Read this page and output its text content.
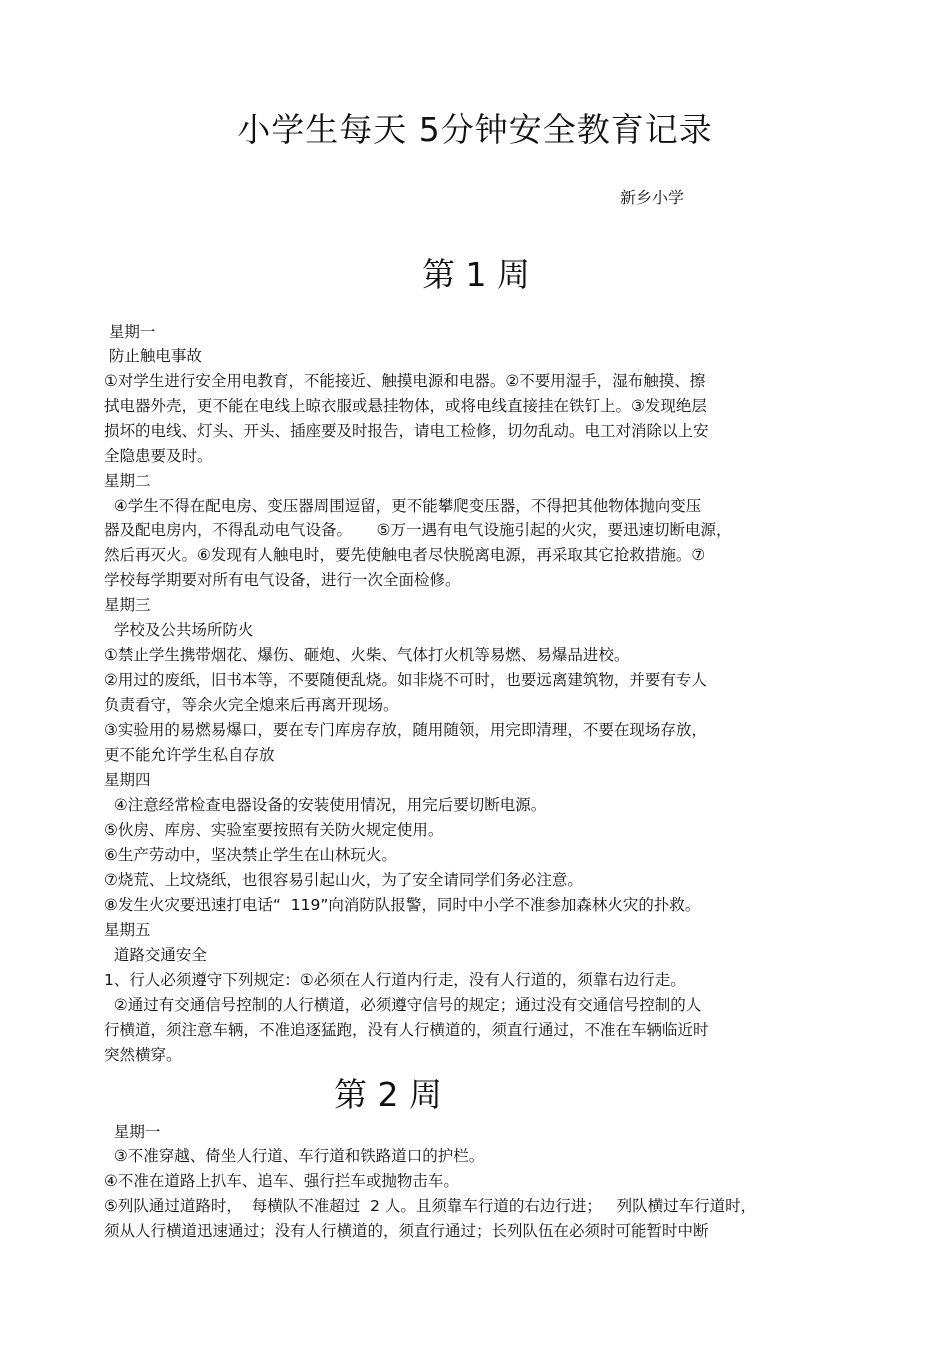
小学生每天 5分钟安全教育记录
新乡小学
第 1 周
星期一
防止触电事故
①对学生进行安全用电教育，不能接近、触摸电源和电器。②不要用湿手，湿布触摸、擦
拭电器外壳，更不能在电线上晾衣服或悬挂物体，或将电线直接挂在铁钉上。③发现绝层
损坏的电线、灯头、开头、插座要及时报告，请电工检修，切勿乱动。电工对消除以上安
全隐患要及时。
星期二
④学生不得在配电房、变压器周围逗留，更不能攀爬变压器，不得把其他物体抛向变压
器及配电房内，不得乱动电气设备。     ⑤万一遇有电气设施引起的火灾，要迅速切断电源，
然后再灭火。⑥发现有人触电时，要先使触电者尽快脱离电源，再采取其它抢救措施。⑦
学校每学期要对所有电气设备，进行一次全面检修。
星期三
学校及公共场所防火
①禁止学生携带烟花、爆伤、砸炮、火柴、气体打火机等易燃、易爆品进校。
②用过的废纸，旧书本等，不要随便乱烧。如非烧不可时，也要远离建筑物，并要有专人
负责看守，等余火完全熄来后再离开现场。
③实验用的易燃易爆口，要在专门库房存放，随用随领，用完即清理，不要在现场存放，
更不能允许学生私自存放
星期四
④注意经常检查电器设备的安装使用情况，用完后要切断电源。
⑤伙房、库房、实验室要按照有关防火规定使用。
⑥生产劳动中，坚决禁止学生在山林玩火。
⑦烧荒、上坟烧纸，也很容易引起山火，为了安全请同学们务必注意。
⑧发生火灾要迅速打电话“  119”向消防队报警，同时中小学不准参加森林火灾的扑救。
星期五
道路交通安全
1、行人必须遵守下列规定：①必须在人行道内行走，没有人行道的，须靠右边行走。
②通过有交通信号控制的人行横道，必须遵守信号的规定；通过没有交通信号控制的人
行横道，须注意车辆，不准追逐猛跑，没有人行横道的，须直行通过，不准在车辆临近时
突然横穿。
第 2 周
星期一
③不准穿越、倚坐人行道、车行道和铁路道口的护栏。
④不准在道路上扒车、追车、强行拦车或抛物击车。
⑤列队通过道路时，  每横队不准超过  2 人。且须靠车行道的右边行进；   列队横过车行道时，
须从人行横道迅速通过；没有人行横道的，须直行通过；长列队伍在必须时可能暂时中断
